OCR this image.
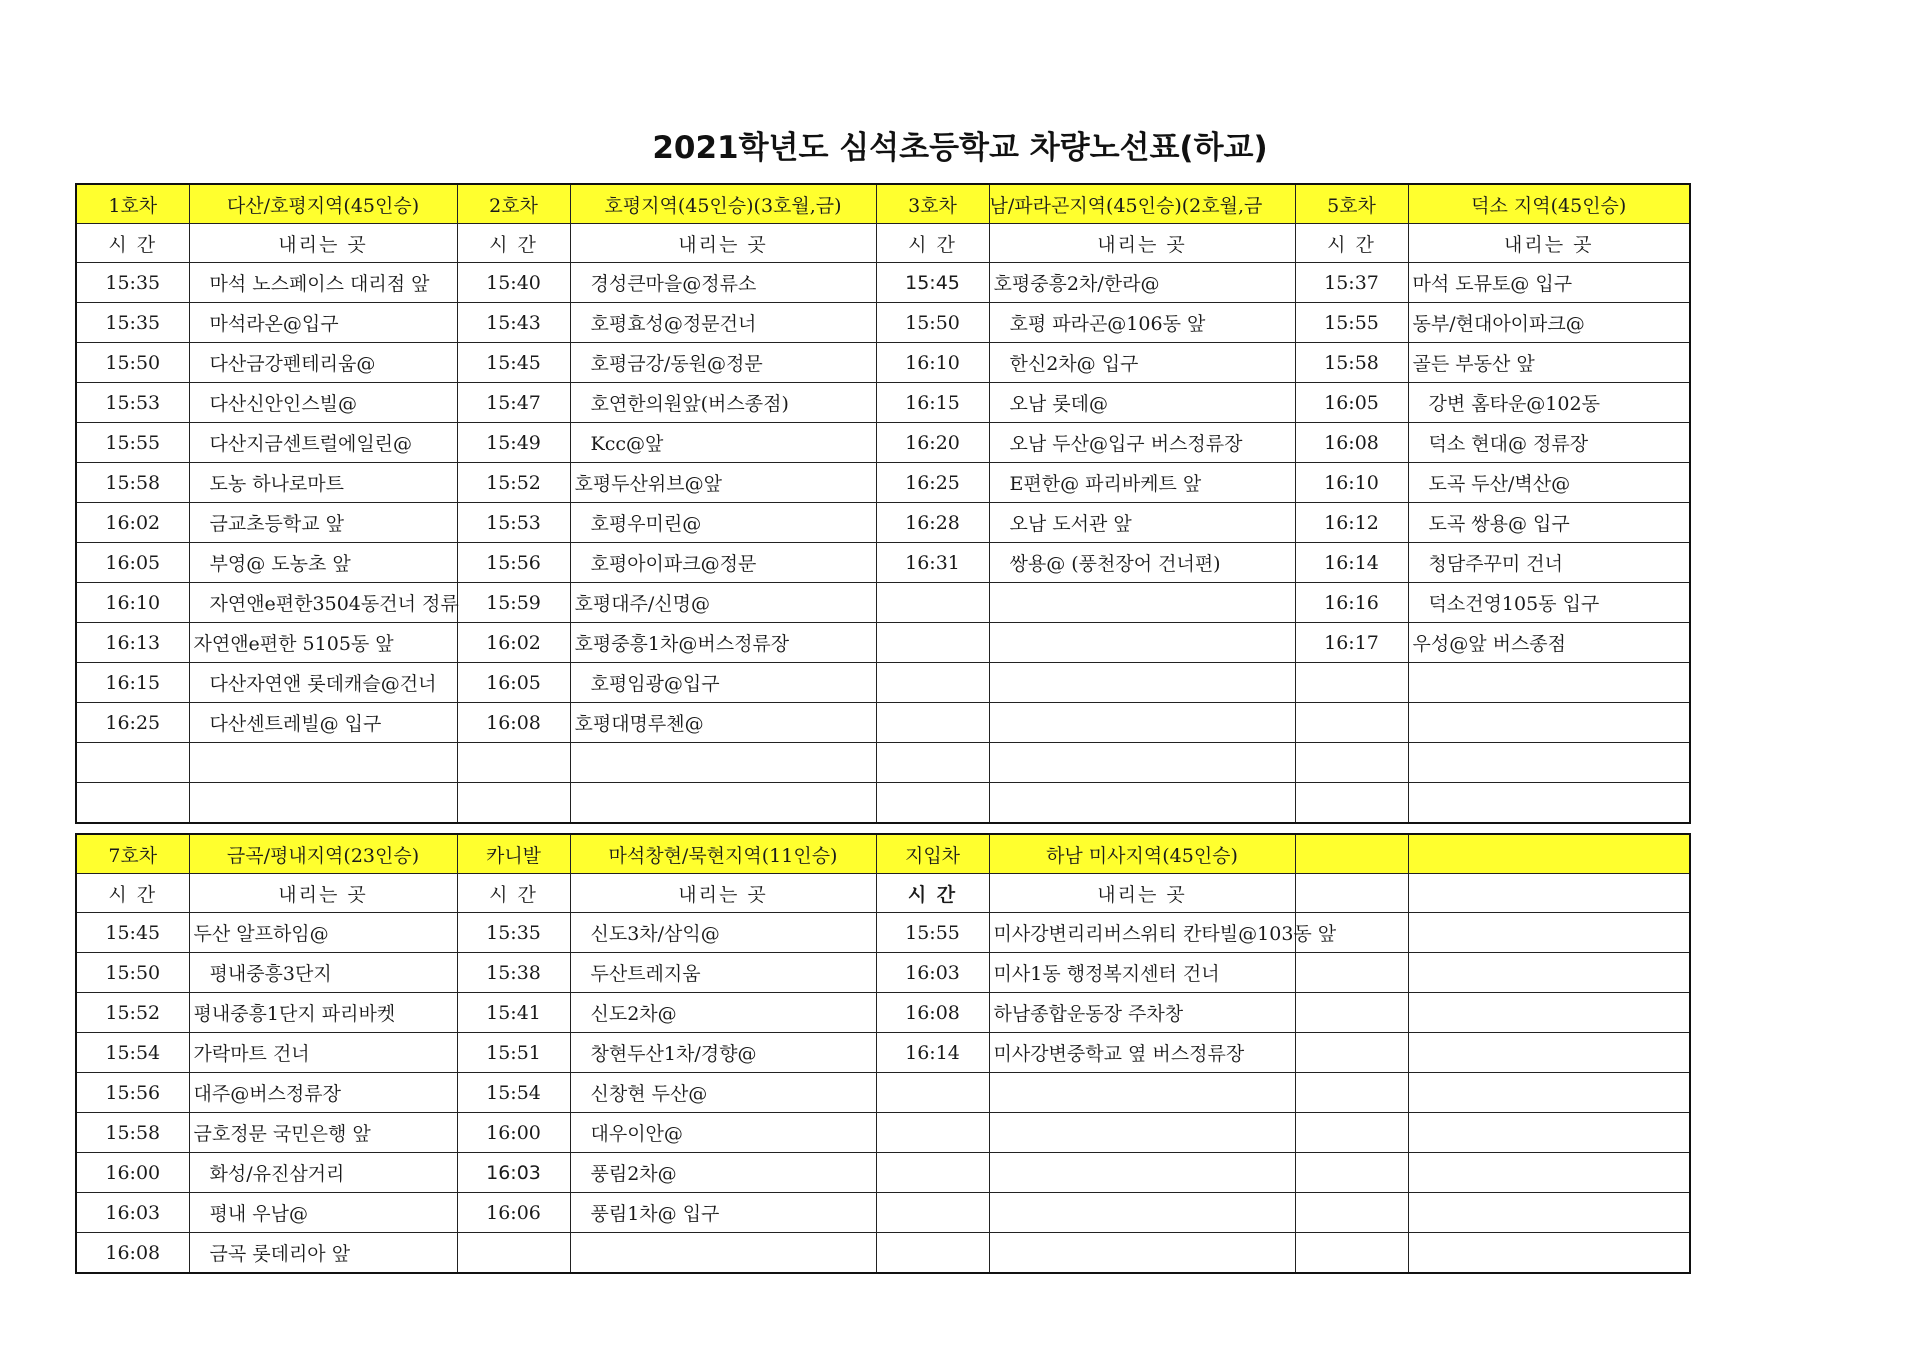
2021학년도 심석초등학교 차량노선표(하교)
1호차	다산/호평지역(45인승)	2호차	호평지역(45인승)(3호월,금)	3호차	남/파라곤지역(45인승)(2호월,금	5호차	덕소 지역(45인승)
시 간	내리는 곳	시 간	내리는 곳	시 간	내리는 곳	시 간	내리는 곳
15:35	마석 노스페이스 대리점 앞	15:40	경성큰마을@정류소	15:45	호평중흥2차/한라@	15:37	마석 도뮤토@ 입구
15:35	마석라온@입구	15:43	호평효성@정문건너	15:50	호평 파라곤@106동 앞	15:55	동부/현대아이파크@
15:50	다산금강펜테리움@	15:45	호평금강/동원@정문	16:10	한신2차@ 입구	15:58	골든 부동산 앞
15:53	다산신안인스빌@	15:47	호연한의원앞(버스종점)	16:15	오남 롯데@	16:05	강변 홈타운@102동
15:55	다산지금센트럴에일린@	15:49	Kcc@앞	16:20	오남 두산@입구 버스정류장	16:08	덕소 현대@ 정류장
15:58	도농 하나로마트	15:52	호평두산위브@앞	16:25	E편한@ 파리바케트 앞	16:10	도곡 두산/벽산@
16:02	금교초등학교 앞	15:53	호평우미린@	16:28	오남 도서관 앞	16:12	도곡 쌍용@ 입구
16:05	부영@ 도농초 앞	15:56	호평아이파크@정문	16:31	쌍용@ (풍천장어 건너편)	16:14	청담주꾸미 건너
16:10	자연앤e편한3504동건너 정류	15:59	호평대주/신명@			16:16	덕소건영105동 입구
16:13	자연앤e편한 5105동 앞	16:02	호평중흥1차@버스정류장			16:17	우성@앞 버스종점
16:15	다산자연앤 롯데캐슬@건너	16:05	호평임광@입구				
16:25	다산센트레빌@ 입구	16:08	호평대명루첸@				

7호차	금곡/평내지역(23인승)	카니발	마석창현/묵현지역(11인승)	지입차	하남 미사지역(45인승)		
시 간	내리는 곳	시 간	내리는 곳	시 간	내리는 곳		
15:45	두산 알프하임@	15:35	신도3차/삼익@	15:55	미사강변리리버스위티 칸타빌@103동 앞		
15:50	평내중흥3단지	15:38	두산트레지움	16:03	미사1동 행정복지센터 건너		
15:52	평내중흥1단지 파리바켓	15:41	신도2차@	16:08	하남종합운동장 주차창		
15:54	가락마트 건너	15:51	창현두산1차/경향@	16:14	미사강변중학교 옆 버스정류장		
15:56	대주@버스정류장	15:54	신창현 두산@				
15:58	금호정문 국민은행 앞	16:00	대우이안@				
16:00	화성/유진삼거리	16:03	풍림2차@				
16:03	평내 우남@	16:06	풍림1차@ 입구				
16:08	금곡 롯데리아 앞						
